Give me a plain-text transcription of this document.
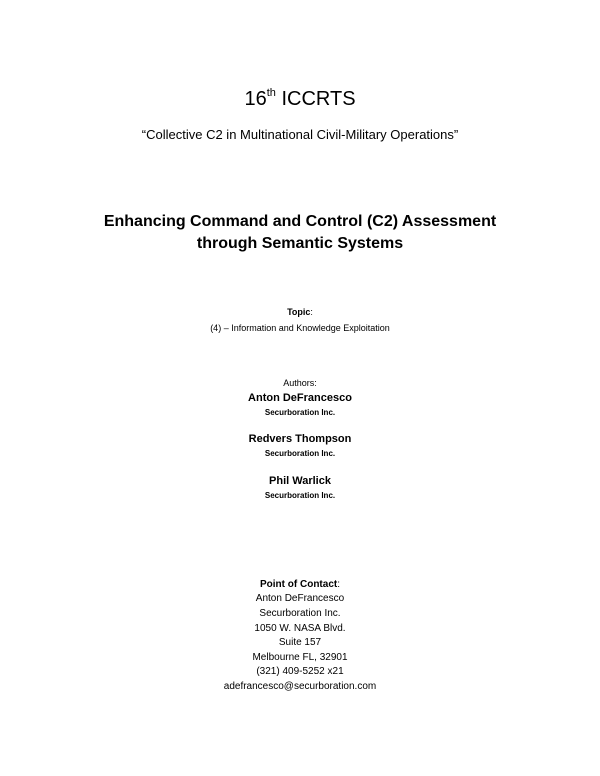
16th ICCRTS
“Collective C2 in Multinational Civil-Military Operations”
Enhancing Command and Control (C2) Assessment
through Semantic Systems
Topic:
(4) – Information and Knowledge Exploitation
Authors:
Anton DeFrancesco
Securboration Inc.
Redvers Thompson
Securboration Inc.
Phil Warlick
Securboration Inc.
Point of Contact:
Anton DeFrancesco
Securboration Inc.
1050 W. NASA Blvd.
Suite 157
Melbourne FL, 32901
(321) 409-5252 x21
adefrancesco@securboration.com
